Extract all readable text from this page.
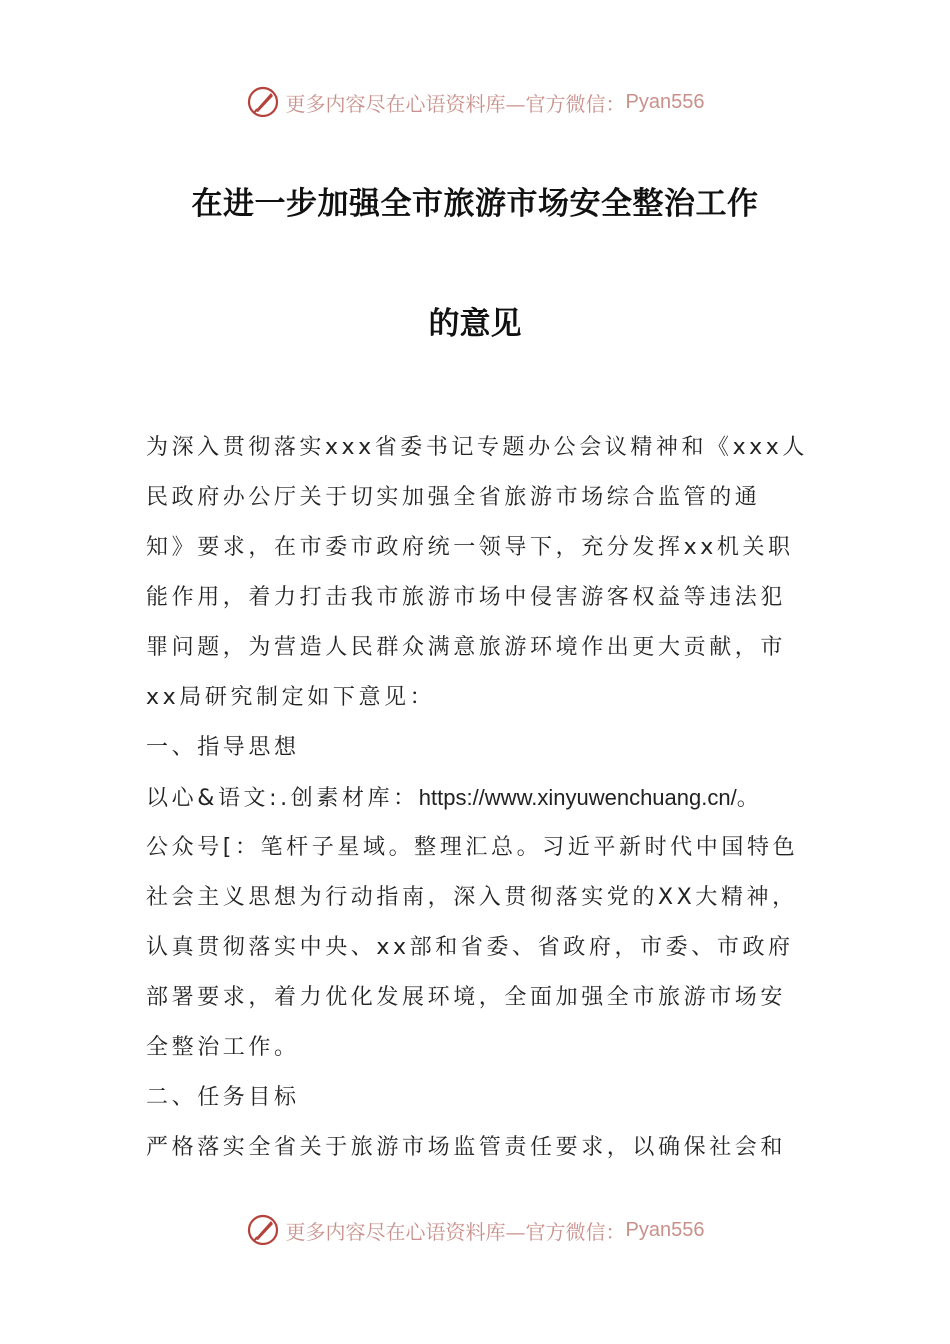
更多内容尽在心语资料库—官方微信： Pyan556
在进一步加强全市旅游市场安全整治工作
的意见
为深入贯彻落实xxx省委书记专题办公会议精神和《xxx人
民政府办公厅关于切实加强全省旅游市场综合监管的通
知》要求，在市委市政府统一领导下，充分发挥xx机关职
能作用，着力打击我市旅游市场中侵害游客权益等违法犯
罪问题，为营造人民群众满意旅游环境作出更大贡献，市
xx局研究制定如下意见：
一、指导思想
以心&语文:.创素材库：https://www.xinyuwenchuang.cn/。
公众号[：笔杆子星域。整理汇总。习近平新时代中国特色
社会主义思想为行动指南，深入贯彻落实党的XX大精神，
认真贯彻落实中央、xx部和省委、省政府，市委、市政府
部署要求，着力优化发展环境，全面加强全市旅游市场安
全整治工作。
二、任务目标
严格落实全省关于旅游市场监管责任要求，以确保社会和
更多内容尽在心语资料库—官方微信： Pyan556
